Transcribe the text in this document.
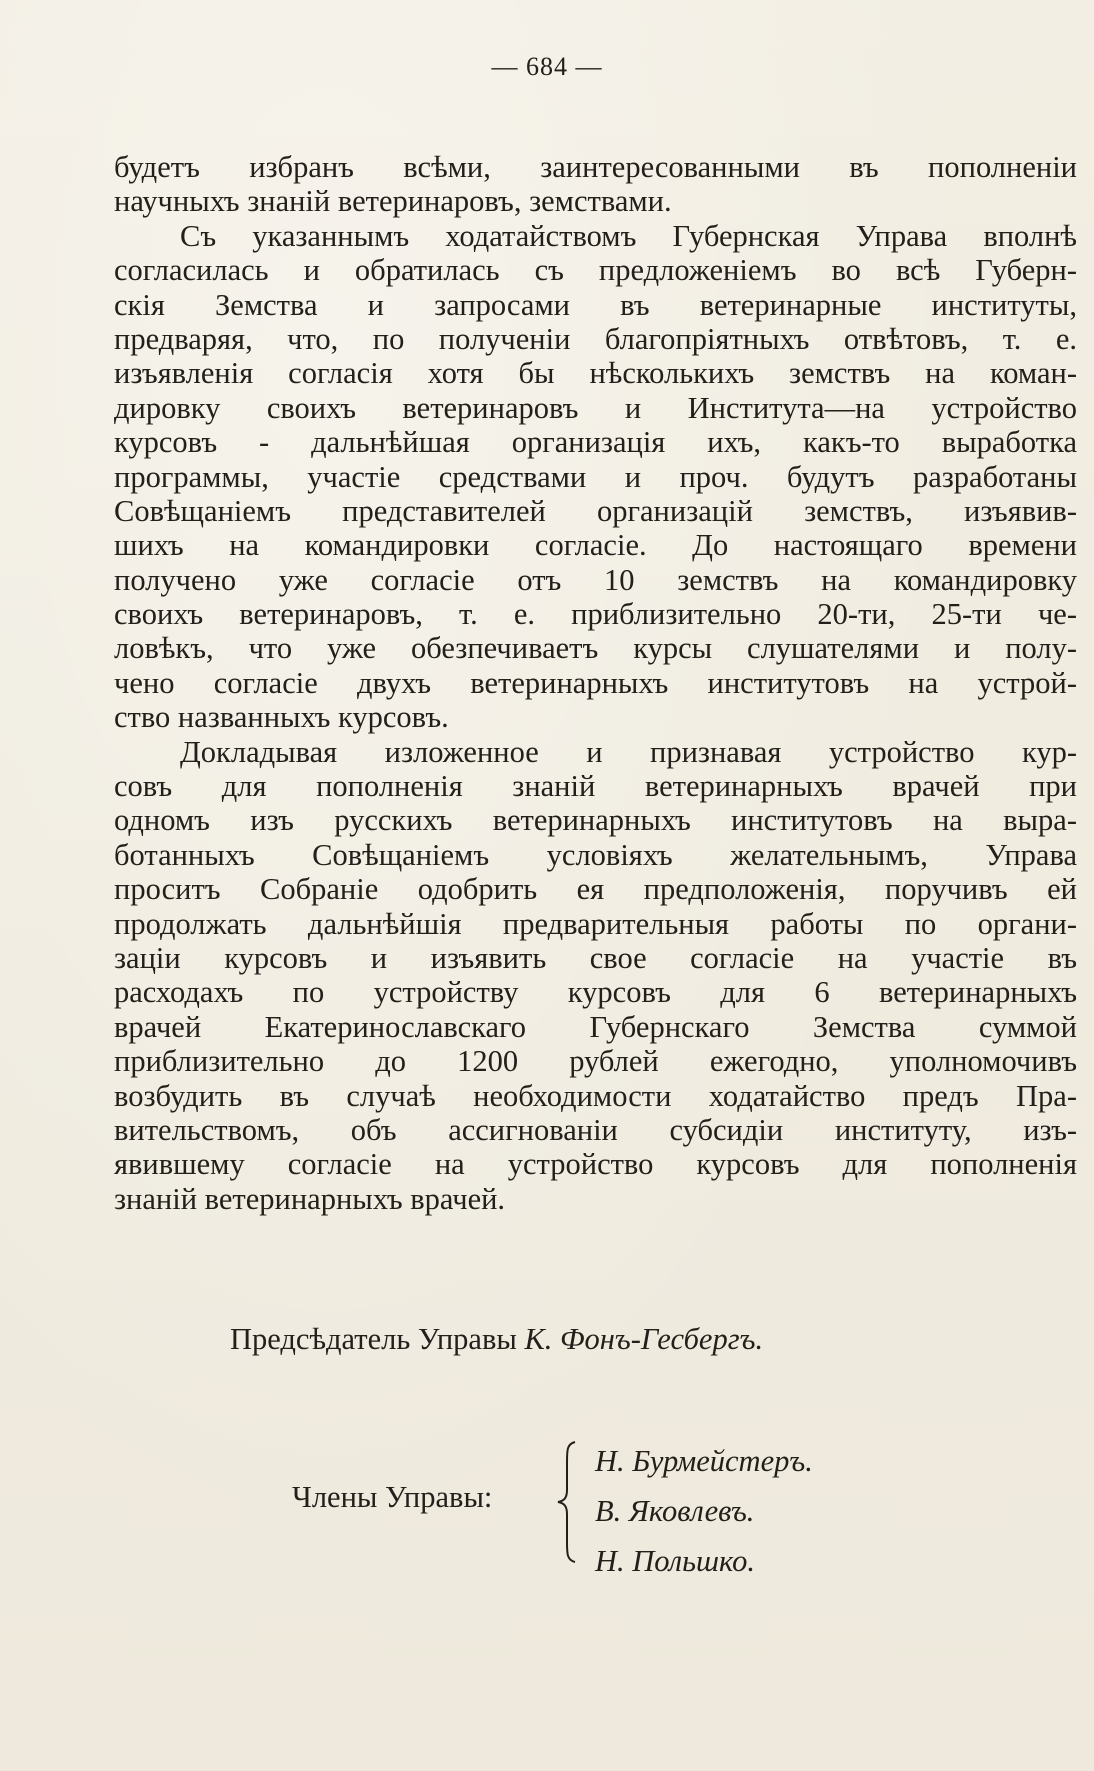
— 684 —
будетъ избранъ всѣми, заинтересованными въ пополненіи
научныхъ знаній ветеринаровъ, земствами.
Съ указаннымъ ходатайствомъ Губернская Управа вполнѣ
согласилась и обратилась съ предложеніемъ во всѣ Губерн-
скія Земства и запросами въ ветеринарные институты,
предваряя, что, по полученіи благопріятныхъ отвѣтовъ, т. е.
изъявленія согласія хотя бы нѣсколькихъ земствъ на коман-
дировку своихъ ветеринаровъ и Института—на устройство
курсовъ - дальнѣйшая организація ихъ, какъ-то выработка
программы, участіе средствами и проч. будутъ разработаны
Совѣщаніемъ представителей организацій земствъ, изъявив-
шихъ на командировки согласіе. До настоящаго времени
получено уже согласіе отъ 10 земствъ на командировку
своихъ ветеринаровъ, т. е. приблизительно 20-ти, 25-ти че-
ловѣкъ, что уже обезпечиваетъ курсы слушателями и полу-
чено согласіе двухъ ветеринарныхъ институтовъ на устрой-
ство названныхъ курсовъ.
Докладывая изложенное и признавая устройство кур-
совъ для пополненія знаній ветеринарныхъ врачей при
одномъ изъ русскихъ ветеринарныхъ институтовъ на выра-
ботанныхъ Совѣщаніемъ условіяхъ желательнымъ, Управа
проситъ Собраніе одобрить ея предположенія, поручивъ ей
продолжать дальнѣйшія предварительныя работы по органи-
заціи курсовъ и изъявить свое согласіе на участіе въ
расходахъ по устройству курсовъ для 6 ветеринарныхъ
врачей Екатеринославскаго Губернскаго Земства суммой
приблизительно до 1200 рублей ежегодно, уполномочивъ
возбудить въ случаѣ необходимости ходатайство предъ Пра-
вительствомъ, объ ассигнованіи субсидіи институту, изъ-
явившему согласіе на устройство курсовъ для пополненія
знаній ветеринарныхъ врачей.
Предсѣдатель Управы К. Фонъ-Гесбергъ.
Члены Управы:
Н. Бурмейстеръ.
В. Яковлевъ.
Н. Польшко.
